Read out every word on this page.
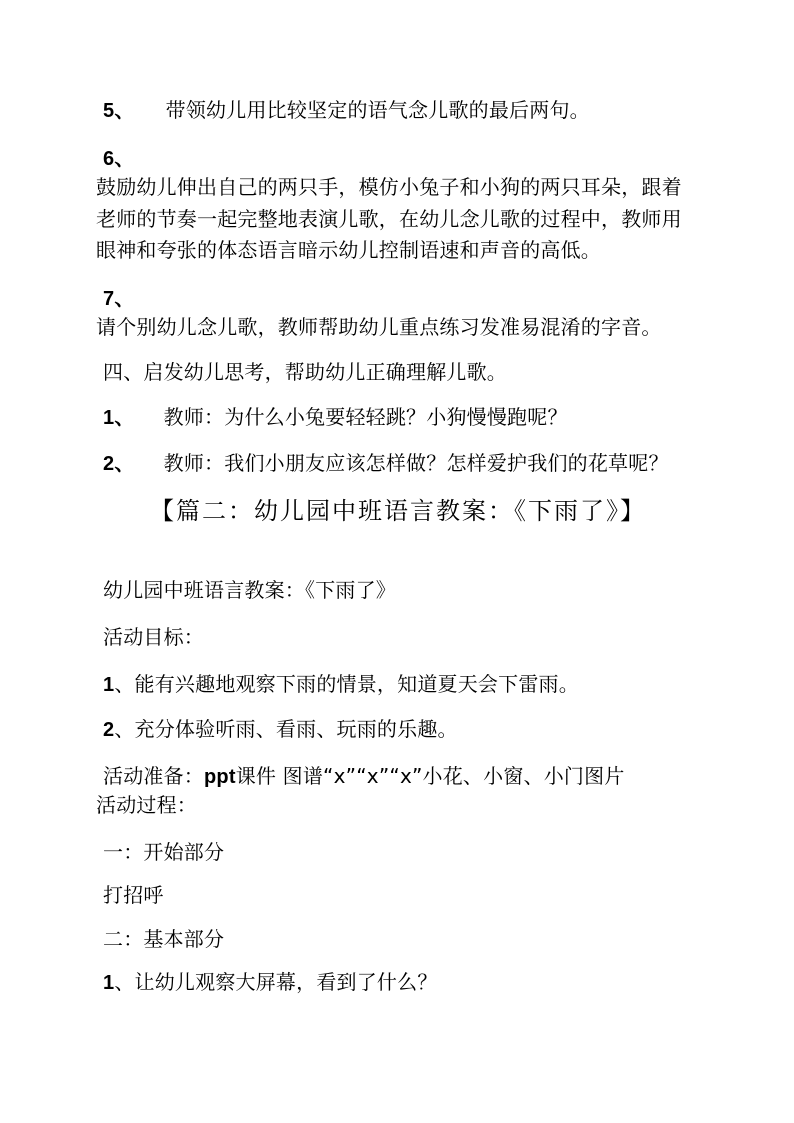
5、 带领幼儿用比较坚定的语气念儿歌的最后两句。
6、
鼓励幼儿伸出自己的两只手，模仿小兔子和小狗的两只耳朵，跟着
老师的节奏一起完整地表演儿歌，在幼儿念儿歌的过程中，教师用
眼神和夸张的体态语言暗示幼儿控制语速和声音的高低。
7、
请个别幼儿念儿歌，教师帮助幼儿重点练习发准易混淆的字音。
四、启发幼儿思考，帮助幼儿正确理解儿歌。
1、 教师：为什么小兔要轻轻跳？小狗慢慢跑呢？
2、 教师：我们小朋友应该怎样做？怎样爱护我们的花草呢？
【篇二：幼儿园中班语言教案：《下雨了》】
幼儿园中班语言教案：《下雨了》
活动目标：
1、能有兴趣地观察下雨的情景，知道夏天会下雷雨。
2、充分体验听雨、看雨、玩雨的乐趣。
活动准备：ppt课件 图谱“x”“x”“x”小花、小窗、小门图片
活动过程：
一：开始部分
打招呼
二：基本部分
1、让幼儿观察大屏幕，看到了什么？
